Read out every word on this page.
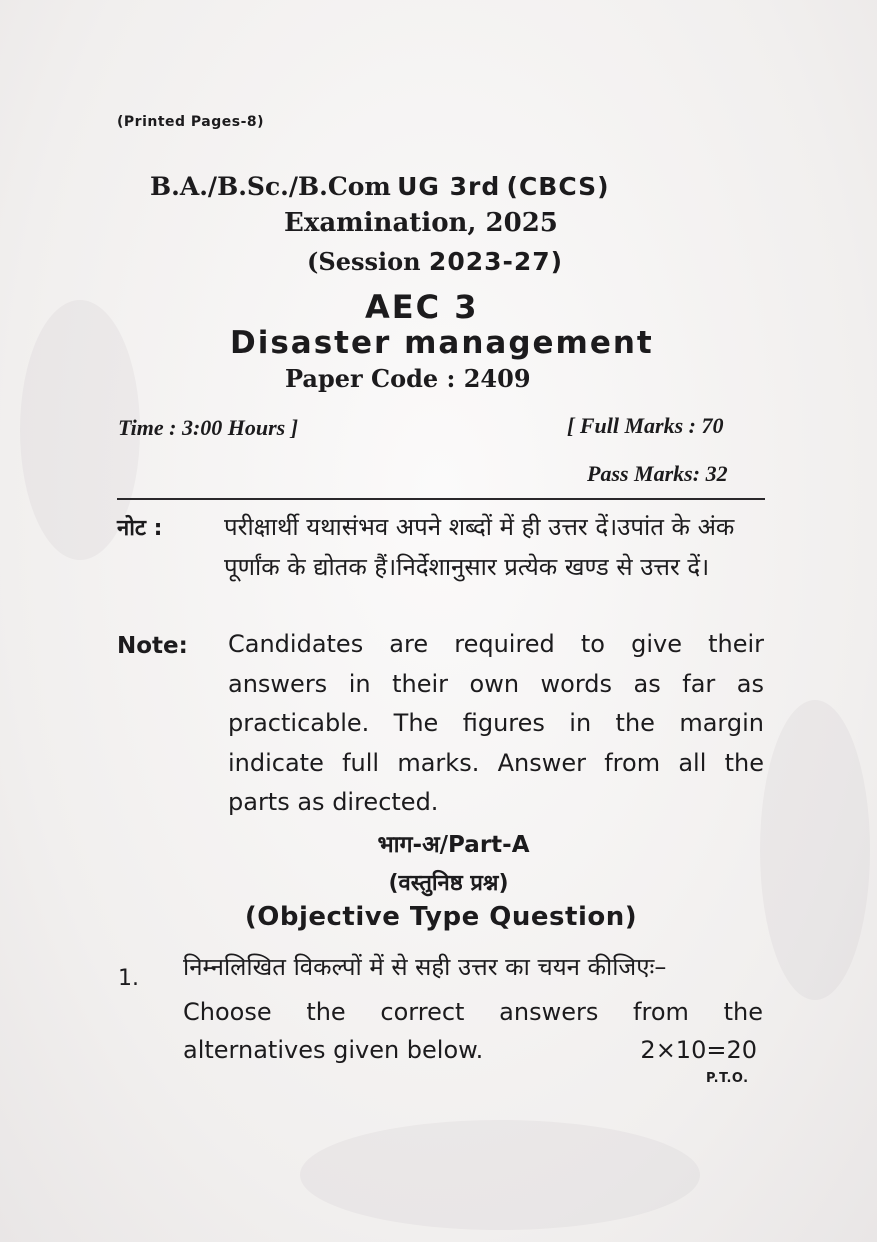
(Printed Pages-8)
B.A./B.Sc./B.Com UG 3rd (CBCS)
Examination, 2025
(Session 2023-27)
AEC 3
Disaster management
Paper Code : 2409
Time : 3:00 Hours ]	[ Full Marks : 70
Pass Marks: 32
नोट :	परीक्षार्थी यथासंभव अपने शब्दों में ही उत्तर दें।उपांत के अंक पूर्णांक के द्योतक हैं।निर्देशानुसार प्रत्येक खण्ड से उत्तर दें।
Note: Candidates are required to give their
answers in their own words as far as
practicable. The figures in the margin
indicate full marks. Answer from all the
parts as directed.
भाग-अ/Part-A
(वस्तुनिष्ठ प्रश्न)
(Objective Type Question)
1. निम्नलिखित विकल्पों में से सही उत्तर का चयन कीजिएः–
Choose the correct answers from the
alternatives given below.	2×10=20
P.T.O.
